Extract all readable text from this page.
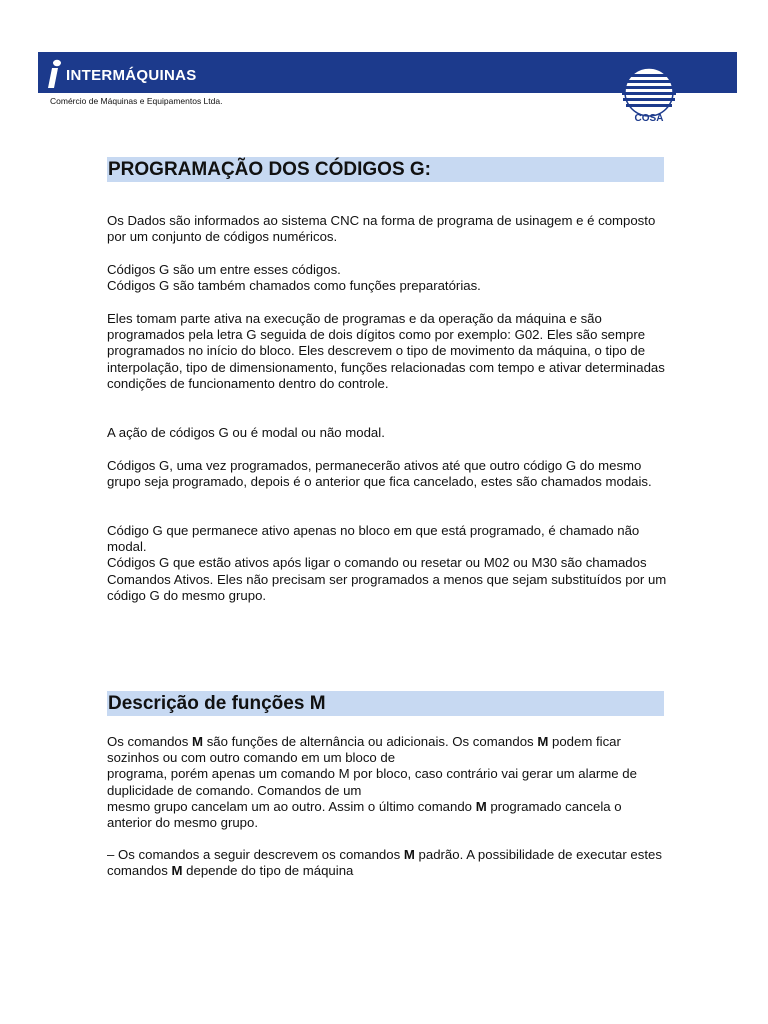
INTERMÁQUINAS
Comércio de Máquinas e Equipamentos Ltda.
COSA
PROGRAMAÇÃO DOS CÓDIGOS G:

Os Dados são informados ao sistema CNC na forma de programa de usinagem e é composto por um conjunto de códigos numéricos.

Códigos G são um entre esses códigos.
Códigos G são também chamados como funções preparatórias.

Eles tomam parte ativa na execução de programas e da operação da máquina e são programados pela letra G seguida de dois dígitos como por exemplo: G02. Eles são sempre programados no início do bloco. Eles descrevem o tipo de movimento da máquina, o tipo de interpolação, tipo de dimensionamento, funções relacionadas com tempo e ativar determinadas condições de funcionamento dentro do controle.

A ação de códigos G ou é modal ou não modal.

Códigos G, uma vez programados, permanecerão ativos até que outro código G do mesmo grupo seja programado, depois é o anterior que fica cancelado, estes são chamados modais.

Código G que permanece ativo apenas no bloco em que está programado, é chamado não modal.
Códigos G que estão ativos após ligar o comando ou resetar ou M02 ou M30 são chamados Comandos Ativos. Eles não precisam ser programados a menos que sejam substituídos por um código G do mesmo grupo.
Descrição de funções M

Os comandos M são funções de alternância ou adicionais. Os comandos M podem ficar sozinhos ou com outro comando em um bloco de
programa, porém apenas um comando M por bloco, caso contrário vai gerar um alarme de duplicidade de comando. Comandos de um
mesmo grupo cancelam um ao outro. Assim o último comando M programado cancela o anterior do mesmo grupo.

– Os comandos a seguir descrevem os comandos M padrão. A possibilidade de executar estes comandos M depende do tipo de máquina
